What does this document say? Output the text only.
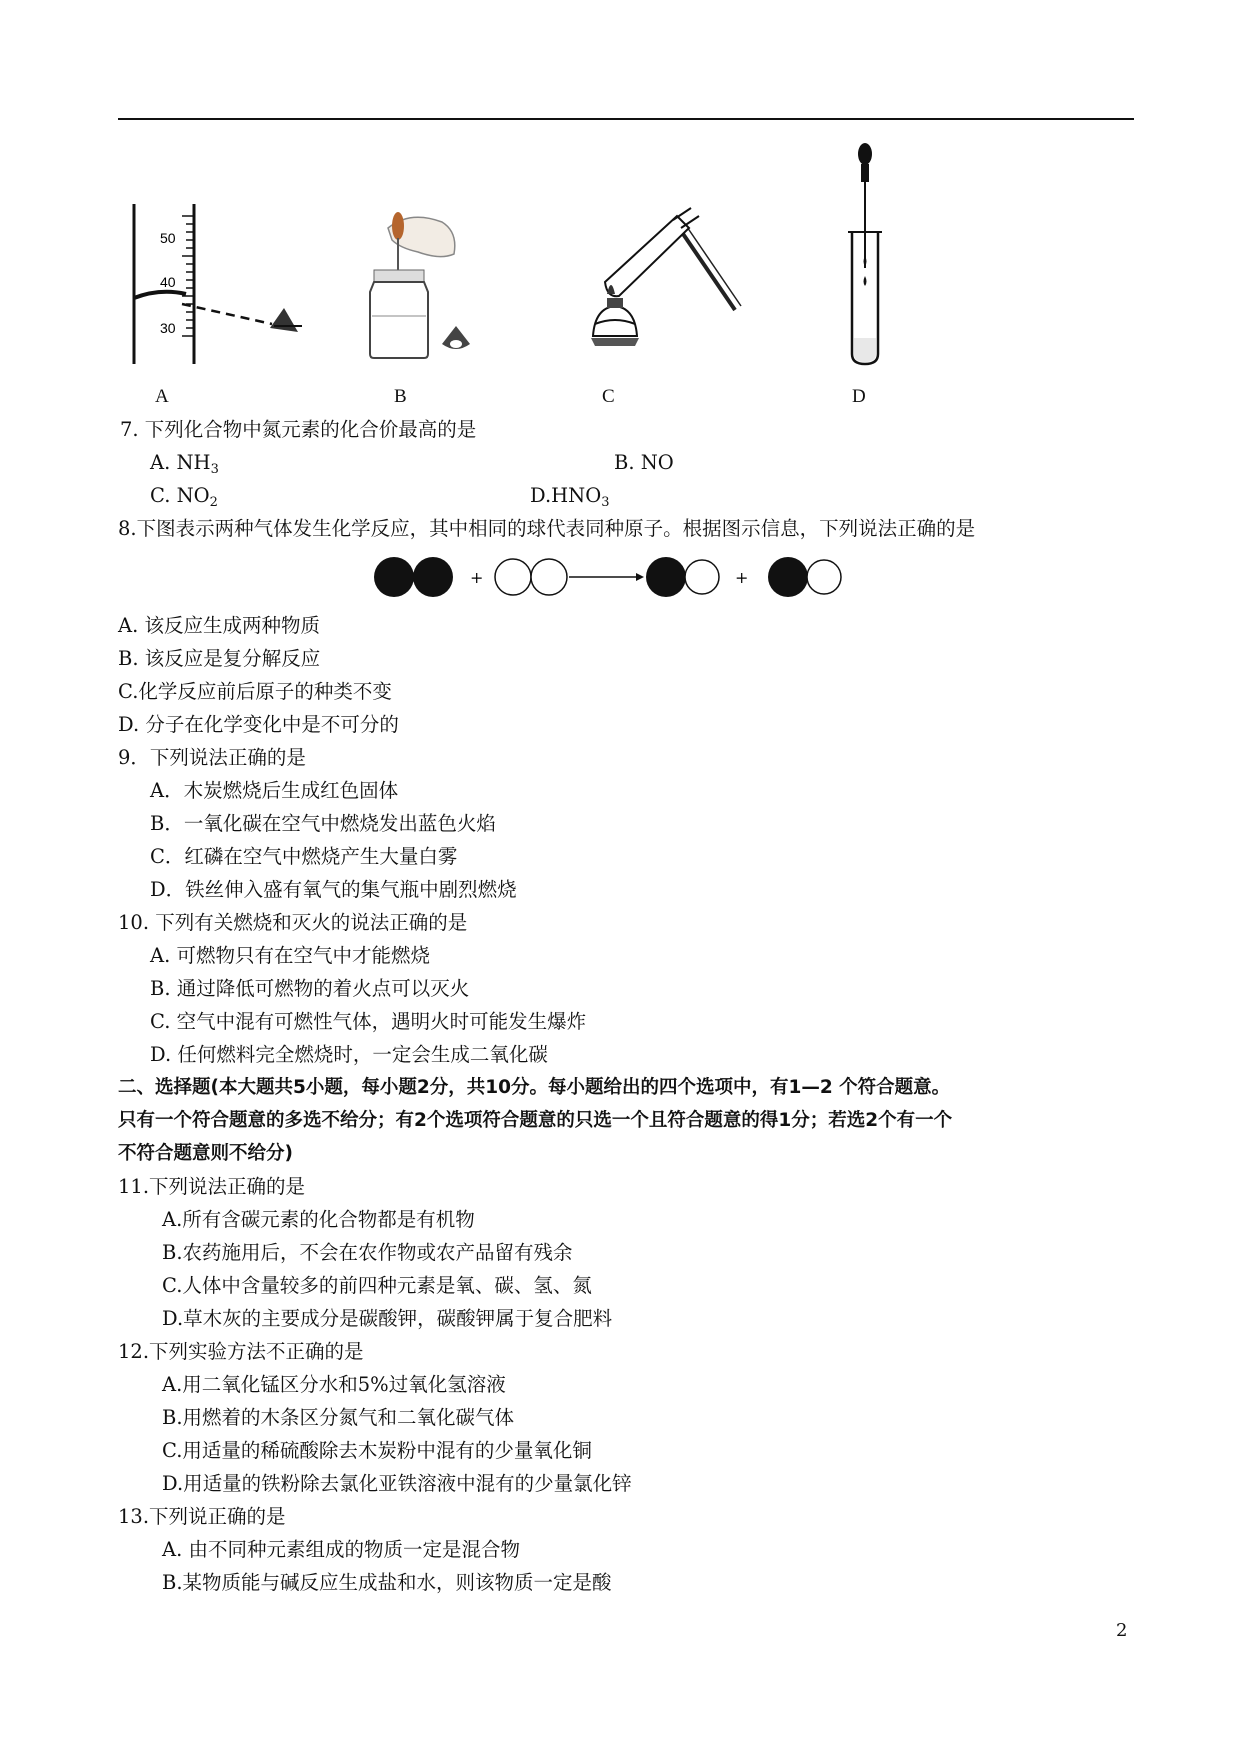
50
40
30
A	B	C	D
7. 下列化合物中氮元素的化合价最高的是
A. $NH_3$	B. NO
C. $NO_2$	$D.HNO_3$
8.下图表示两种气体发生化学反应，其中相同的球代表同种原子。根据图示信息，下列说法正确的是
+	+
A. 该反应生成两种物质
B. 该反应是复分解反应
C.化学反应前后原子的种类不变
D. 分子在化学变化中是不可分的
9．下列说法正确的是
A．木炭燃烧后生成红色固体
B．一氧化碳在空气中燃烧发出蓝色火焰
C．红磷在空气中燃烧产生大量白雾
D．铁丝伸入盛有氧气的集气瓶中剧烈燃烧
10. 下列有关燃烧和灭火的说法正确的是
A. 可燃物只有在空气中才能燃烧
B. 通过降低可燃物的着火点可以灭火
C. 空气中混有可燃性气体，遇明火时可能发生爆炸
D. 任何燃料完全燃烧时，一定会生成二氧化碳
二、选择题(本大题共5小题，每小题2分，共10分。每小题给出的四个选项中，有1—2 个符合题意。
只有一个符合题意的多选不给分；有2个选项符合题意的只选一个且符合题意的得1分；若选2个有一个
不符合题意则不给分)
11.下列说法正确的是
A.所有含碳元素的化合物都是有机物
B.农药施用后，不会在农作物或农产品留有残余
C.人体中含量较多的前四种元素是氧、碳、氢、氮
D.草木灰的主要成分是碳酸钾，碳酸钾属于复合肥料
12.下列实验方法不正确的是
A.用二氧化锰区分水和5%过氧化氢溶液
B.用燃着的木条区分氮气和二氧化碳气体
C.用适量的稀硫酸除去木炭粉中混有的少量氧化铜
D.用适量的铁粉除去氯化亚铁溶液中混有的少量氯化锌
13.下列说正确的是
A. 由不同种元素组成的物质一定是混合物
B.某物质能与碱反应生成盐和水，则该物质一定是酸
2
